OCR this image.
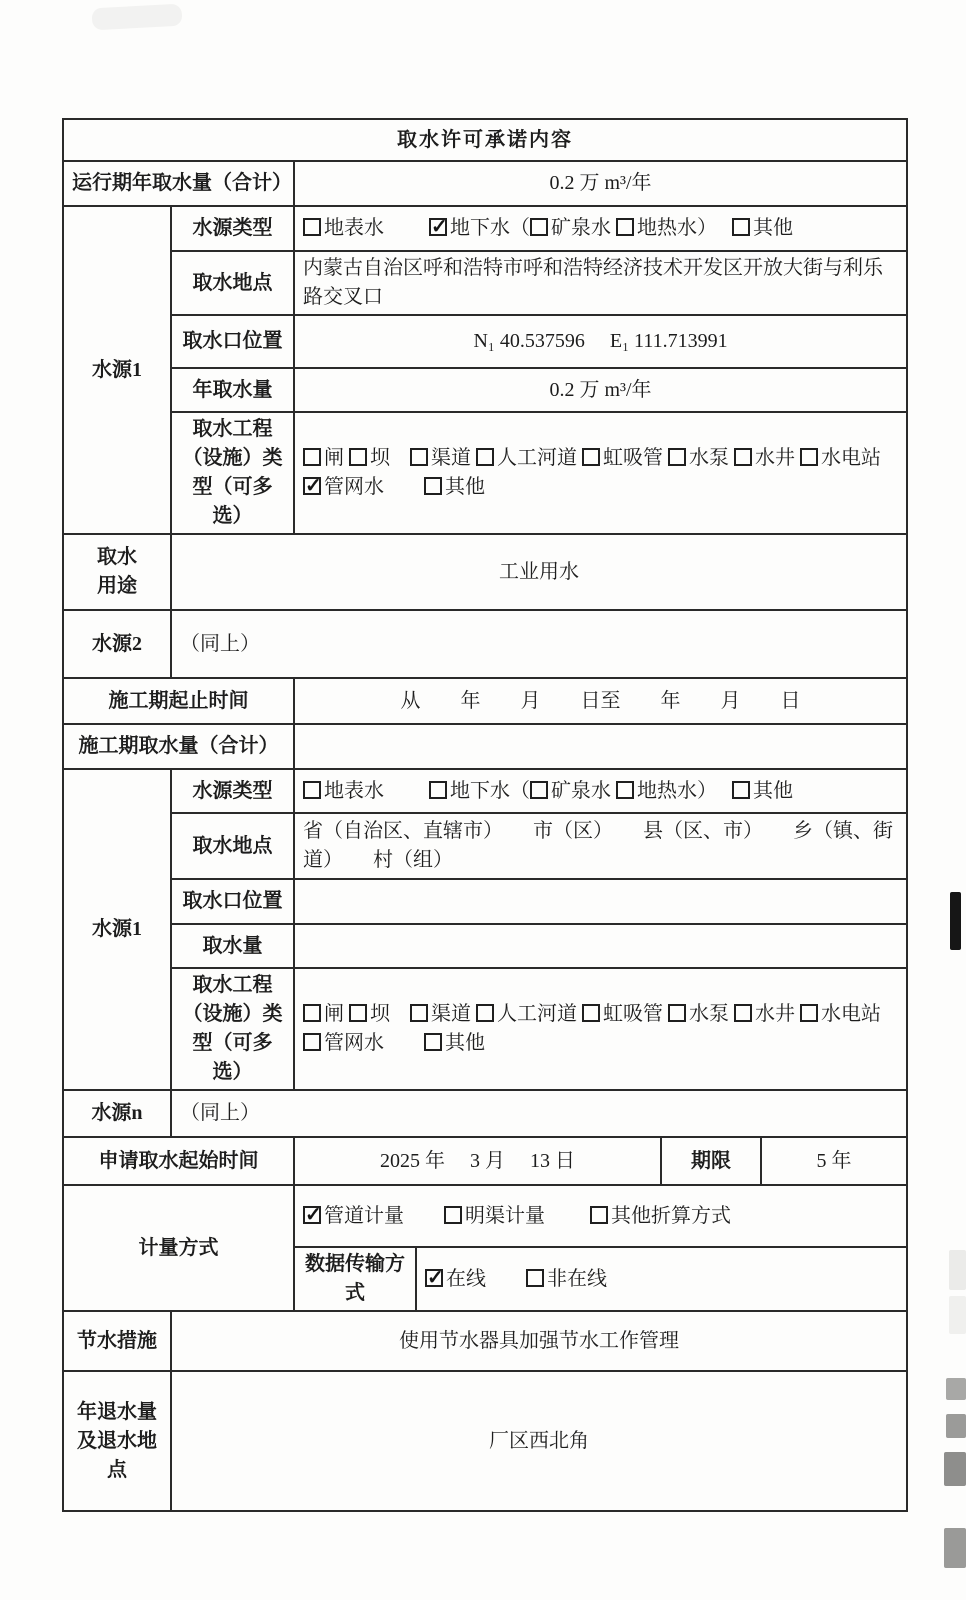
取水许可承诺内容					
运行期年取水量（合计）		0.2 万 m³/年			
水源1	水源类型	地表水　　 ✓ 地下水（ 矿泉水 地热水）　 其他
	取水地点	内蒙古自治区呼和浩特市呼和浩特经济技术开发区开放大街与利乐路交叉口			
	取水口位置	N₁ 40.537596　 E₁ 111.713991			
	年取水量	0.2 万 m³/年			
	取水工程（设施）类型（可多选）	闸 坝　 渠道 人工河道 虹吸管 水泵 水井 水电站
✓管网水　　 其他
取水用途	工业用水				
水源2	（同上）				
施工期起止时间		从　　年　　月　　日至　　年　　月　　日			
施工期取水量（合计）					
水源1	水源类型	地表水　　 地下水（ 矿泉水 地热水）　 其他			
	取水地点	省（自治区、直辖市）　　市（区）　　县（区、市）　　乡（镇、街道）　　村（组）			
	取水口位置				
	取水量				
	取水工程（设施）类型（可多选）	闸 坝　 渠道 人工河道 虹吸管 水泵 水井 水电站
管网水　　 其他			
水源n	（同上）				
申请取水起始时间		2025 年　 3 月　 13 日		期限	5 年
计量方式	✓管道计量　　 明渠计量　　 其他折算方式
		数据传输方式	✓在线　　 非在线
节水措施	使用节水器具加强节水工作管理				
年退水量及退水地点	厂区西北角				
